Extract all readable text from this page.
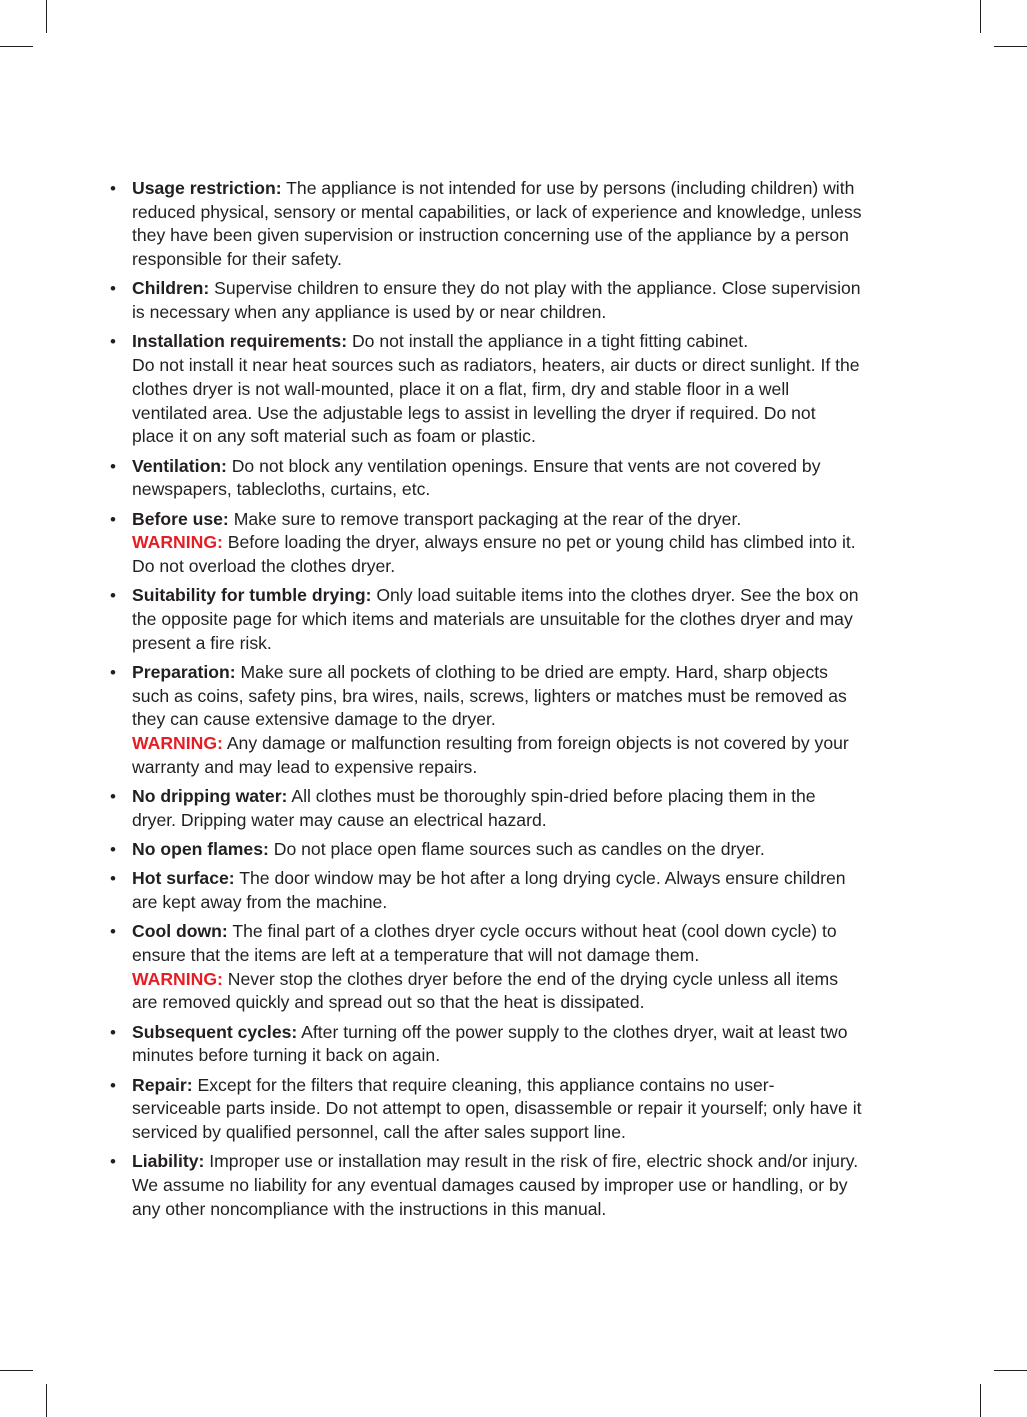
• Usage restriction: The appliance is not intended for use by persons (including children) with reduced physical, sensory or mental capabilities, or lack of experience and knowledge, unless they have been given supervision or instruction concerning use of the appliance by a person responsible for their safety.
• Children: Supervise children to ensure they do not play with the appliance. Close supervision is necessary when any appliance is used by or near children.
• Installation requirements: Do not install the appliance in a tight fitting cabinet.
Do not install it near heat sources such as radiators, heaters, air ducts or direct sunlight. If the clothes dryer is not wall-mounted, place it on a flat, firm, dry and stable floor in a well ventilated area. Use the adjustable legs to assist in levelling the dryer if required. Do not place it on any soft material such as foam or plastic.
• Ventilation: Do not block any ventilation openings. Ensure that vents are not covered by newspapers, tablecloths, curtains, etc.
• Before use: Make sure to remove transport packaging at the rear of the dryer.
WARNING: Before loading the dryer, always ensure no pet or young child has climbed into it. Do not overload the clothes dryer.
• Suitability for tumble drying: Only load suitable items into the clothes dryer. See the box on the opposite page for which items and materials are unsuitable for the clothes dryer and may present a fire risk.
• Preparation: Make sure all pockets of clothing to be dried are empty. Hard, sharp objects such as coins, safety pins, bra wires, nails, screws, lighters or matches must be removed as they can cause extensive damage to the dryer.
WARNING: Any damage or malfunction resulting from foreign objects is not covered by your warranty and may lead to expensive repairs.
• No dripping water: All clothes must be thoroughly spin-dried before placing them in the dryer. Dripping water may cause an electrical hazard.
• No open flames: Do not place open flame sources such as candles on the dryer.
• Hot surface: The door window may be hot after a long drying cycle. Always ensure children are kept away from the machine.
• Cool down: The final part of a clothes dryer cycle occurs without heat (cool down cycle) to ensure that the items are left at a temperature that will not damage them.
WARNING: Never stop the clothes dryer before the end of the drying cycle unless all items are removed quickly and spread out so that the heat is dissipated.
• Subsequent cycles: After turning off the power supply to the clothes dryer, wait at least two minutes before turning it back on again.
• Repair: Except for the filters that require cleaning, this appliance contains no user-serviceable parts inside. Do not attempt to open, disassemble or repair it yourself; only have it serviced by qualified personnel, call the after sales support line.
• Liability: Improper use or installation may result in the risk of fire, electric shock and/or injury. We assume no liability for any eventual damages caused by improper use or handling, or by any other noncompliance with the instructions in this manual.
